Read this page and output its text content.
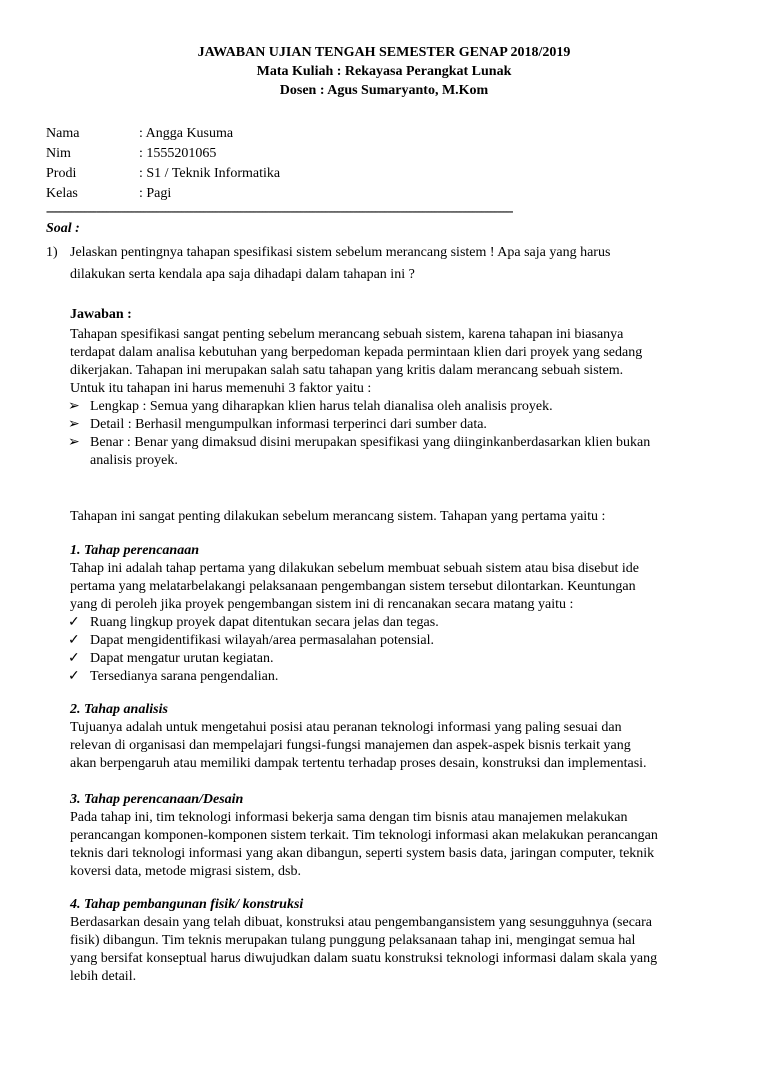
JAWABAN UJIAN TENGAH SEMESTER GENAP 2018/2019
Mata Kuliah : Rekayasa Perangkat Lunak
Dosen : Agus Sumaryanto, M.Kom
Nama	: Angga Kusuma
Nim	: 1555201065
Prodi	: S1 / Teknik Informatika
Kelas	: Pagi
-----------------------------------------------------------------------------------------------------------------------------------------------------
Soal :
1) Jelaskan pentingnya tahapan spesifikasi sistem sebelum merancang sistem ! Apa saja yang harus
dilakukan serta kendala apa saja dihadapi dalam tahapan ini ?
Jawaban :
Tahapan spesifikasi sangat penting sebelum merancang sebuah sistem, karena tahapan ini biasanya
terdapat dalam analisa kebutuhan yang berpedoman kepada permintaan klien dari proyek yang sedang
dikerjakan. Tahapan ini merupakan salah satu tahapan yang kritis dalam merancang sebuah sistem.
Untuk itu tahapan ini harus memenuhi 3 faktor yaitu :
➢ Lengkap : Semua yang diharapkan klien harus telah dianalisa oleh analisis proyek.
➢ Detail : Berhasil mengumpulkan informasi terperinci dari sumber data.
➢ Benar : Benar yang dimaksud disini merupakan spesifikasi yang diinginkanberdasarkan klien bukan
analisis proyek.
Tahapan ini sangat penting dilakukan sebelum merancang sistem. Tahapan yang pertama yaitu :
1. Tahap perencanaan
Tahap ini adalah tahap pertama yang dilakukan sebelum membuat sebuah sistem atau bisa disebut ide
pertama yang melatarbelakangi pelaksanaan pengembangan sistem tersebut dilontarkan. Keuntungan
yang di peroleh jika proyek pengembangan sistem ini di rencanakan secara matang yaitu :
✓ Ruang lingkup proyek dapat ditentukan secara jelas dan tegas.
✓ Dapat mengidentifikasi wilayah/area permasalahan potensial.
✓ Dapat mengatur urutan kegiatan.
✓ Tersedianya sarana pengendalian.
2. Tahap analisis
Tujuanya adalah untuk mengetahui posisi atau peranan teknologi informasi yang paling sesuai dan
relevan di organisasi dan mempelajari fungsi-fungsi manajemen dan aspek-aspek bisnis terkait yang
akan berpengaruh atau memiliki dampak tertentu terhadap proses desain, konstruksi dan implementasi.
3. Tahap perencanaan/Desain
Pada tahap ini, tim teknologi informasi bekerja sama dengan tim bisnis atau manajemen melakukan
perancangan komponen-komponen sistem terkait. Tim teknologi informasi akan melakukan perancangan
teknis dari teknologi informasi yang akan dibangun, seperti system basis data, jaringan computer, teknik
koversi data, metode migrasi sistem, dsb.
4. Tahap pembangunan fisik/ konstruksi
Berdasarkan desain yang telah dibuat, konstruksi atau pengembangansistem yang sesungguhnya (secara
fisik) dibangun. Tim teknis merupakan tulang punggung pelaksanaan tahap ini, mengingat semua hal
yang bersifat konseptual harus diwujudkan dalam suatu konstruksi teknologi informasi dalam skala yang
lebih detail.
